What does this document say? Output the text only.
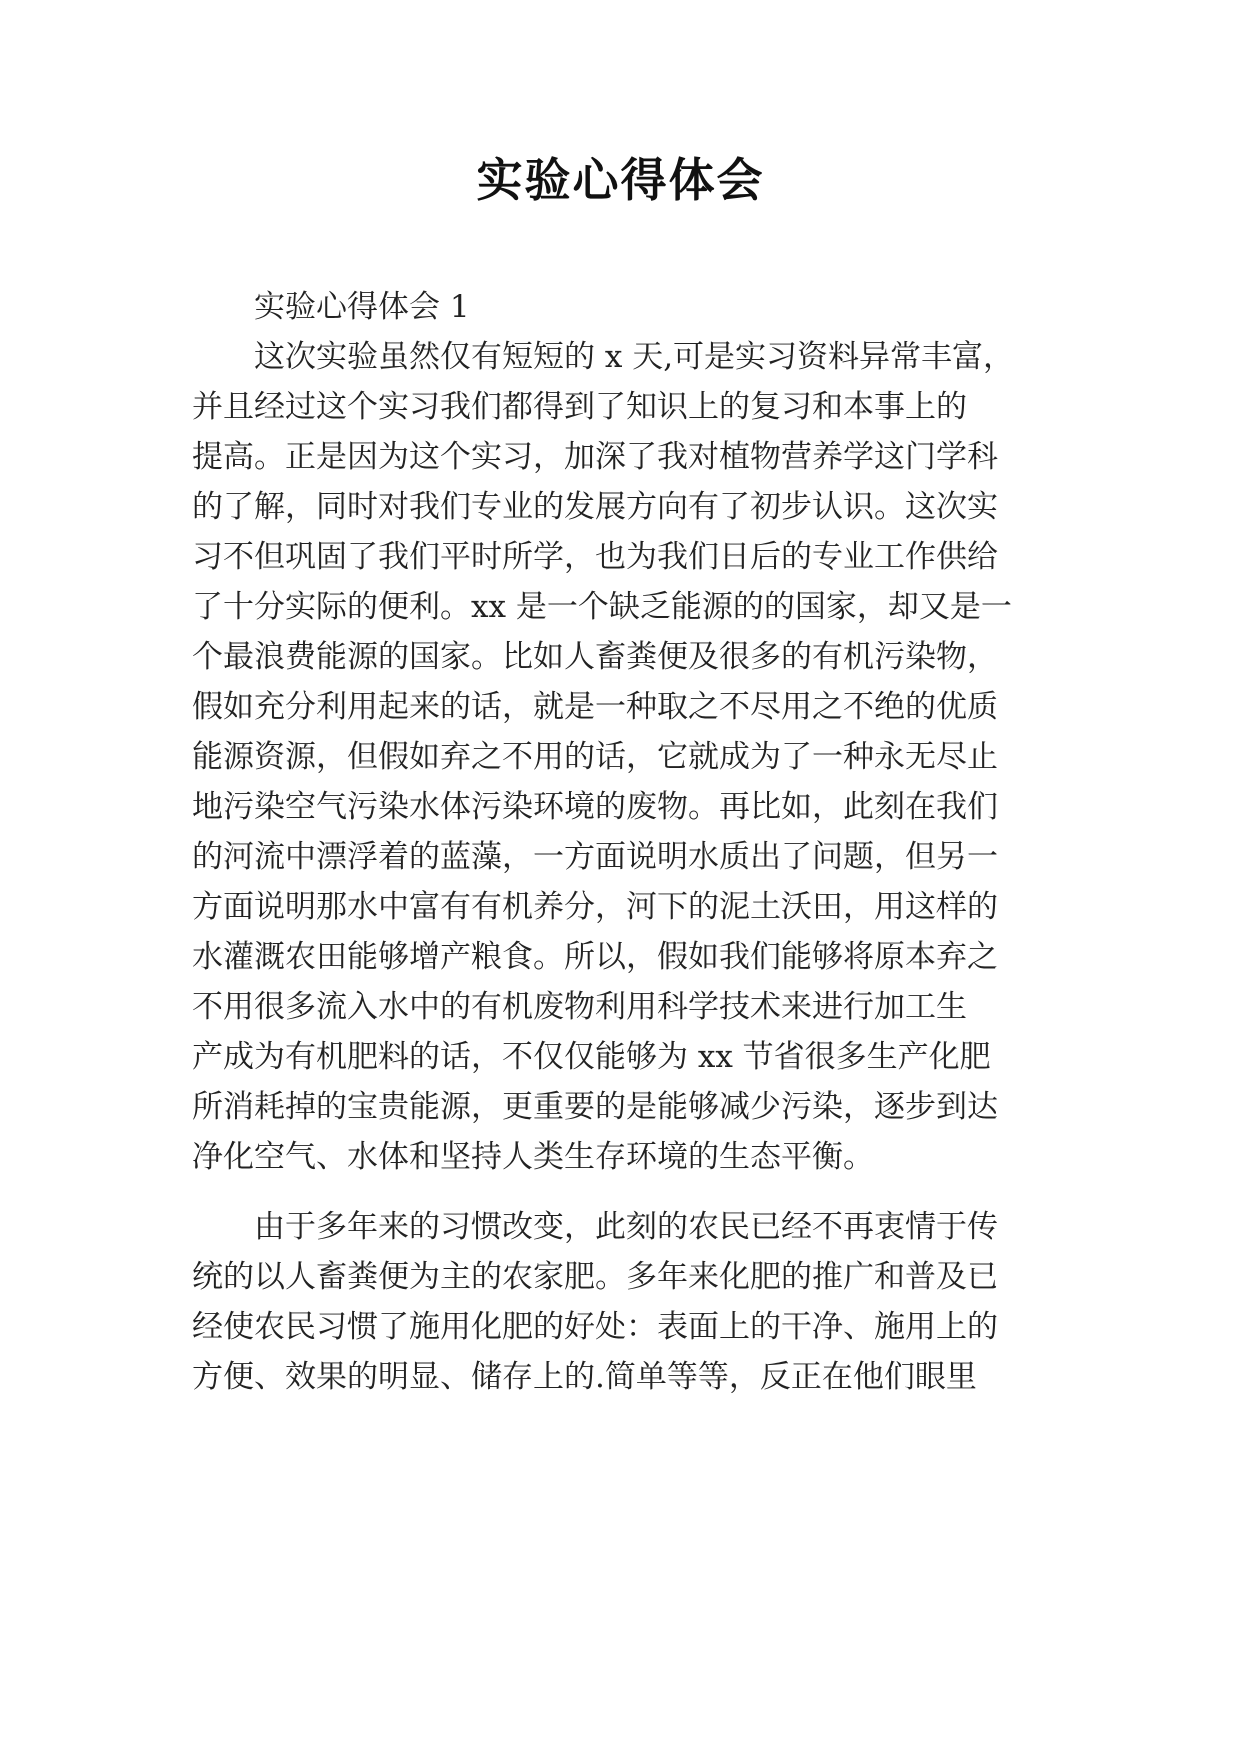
实验心得体会
实验心得体会 1
这次实验虽然仅有短短的 x 天,可是实习资料异常丰富，
并且经过这个实习我们都得到了知识上的复习和本事上的
提高。正是因为这个实习，加深了我对植物营养学这门学科
的了解，同时对我们专业的发展方向有了初步认识。这次实
习不但巩固了我们平时所学，也为我们日后的专业工作供给
了十分实际的便利。xx 是一个缺乏能源的的国家，却又是一
个最浪费能源的国家。比如人畜粪便及很多的有机污染物，
假如充分利用起来的话，就是一种取之不尽用之不绝的优质
能源资源，但假如弃之不用的话，它就成为了一种永无尽止
地污染空气污染水体污染环境的废物。再比如，此刻在我们
的河流中漂浮着的蓝藻，一方面说明水质出了问题，但另一
方面说明那水中富有有机养分，河下的泥土沃田，用这样的
水灌溉农田能够增产粮食。所以，假如我们能够将原本弃之
不用很多流入水中的有机废物利用科学技术来进行加工生
产成为有机肥料的话，不仅仅能够为 xx 节省很多生产化肥
所消耗掉的宝贵能源，更重要的是能够减少污染，逐步到达
净化空气、水体和坚持人类生存环境的生态平衡。
由于多年来的习惯改变，此刻的农民已经不再衷情于传
统的以人畜粪便为主的农家肥。多年来化肥的推广和普及已
经使农民习惯了施用化肥的好处：表面上的干净、施用上的
方便、效果的明显、储存上的.简单等等，反正在他们眼里
